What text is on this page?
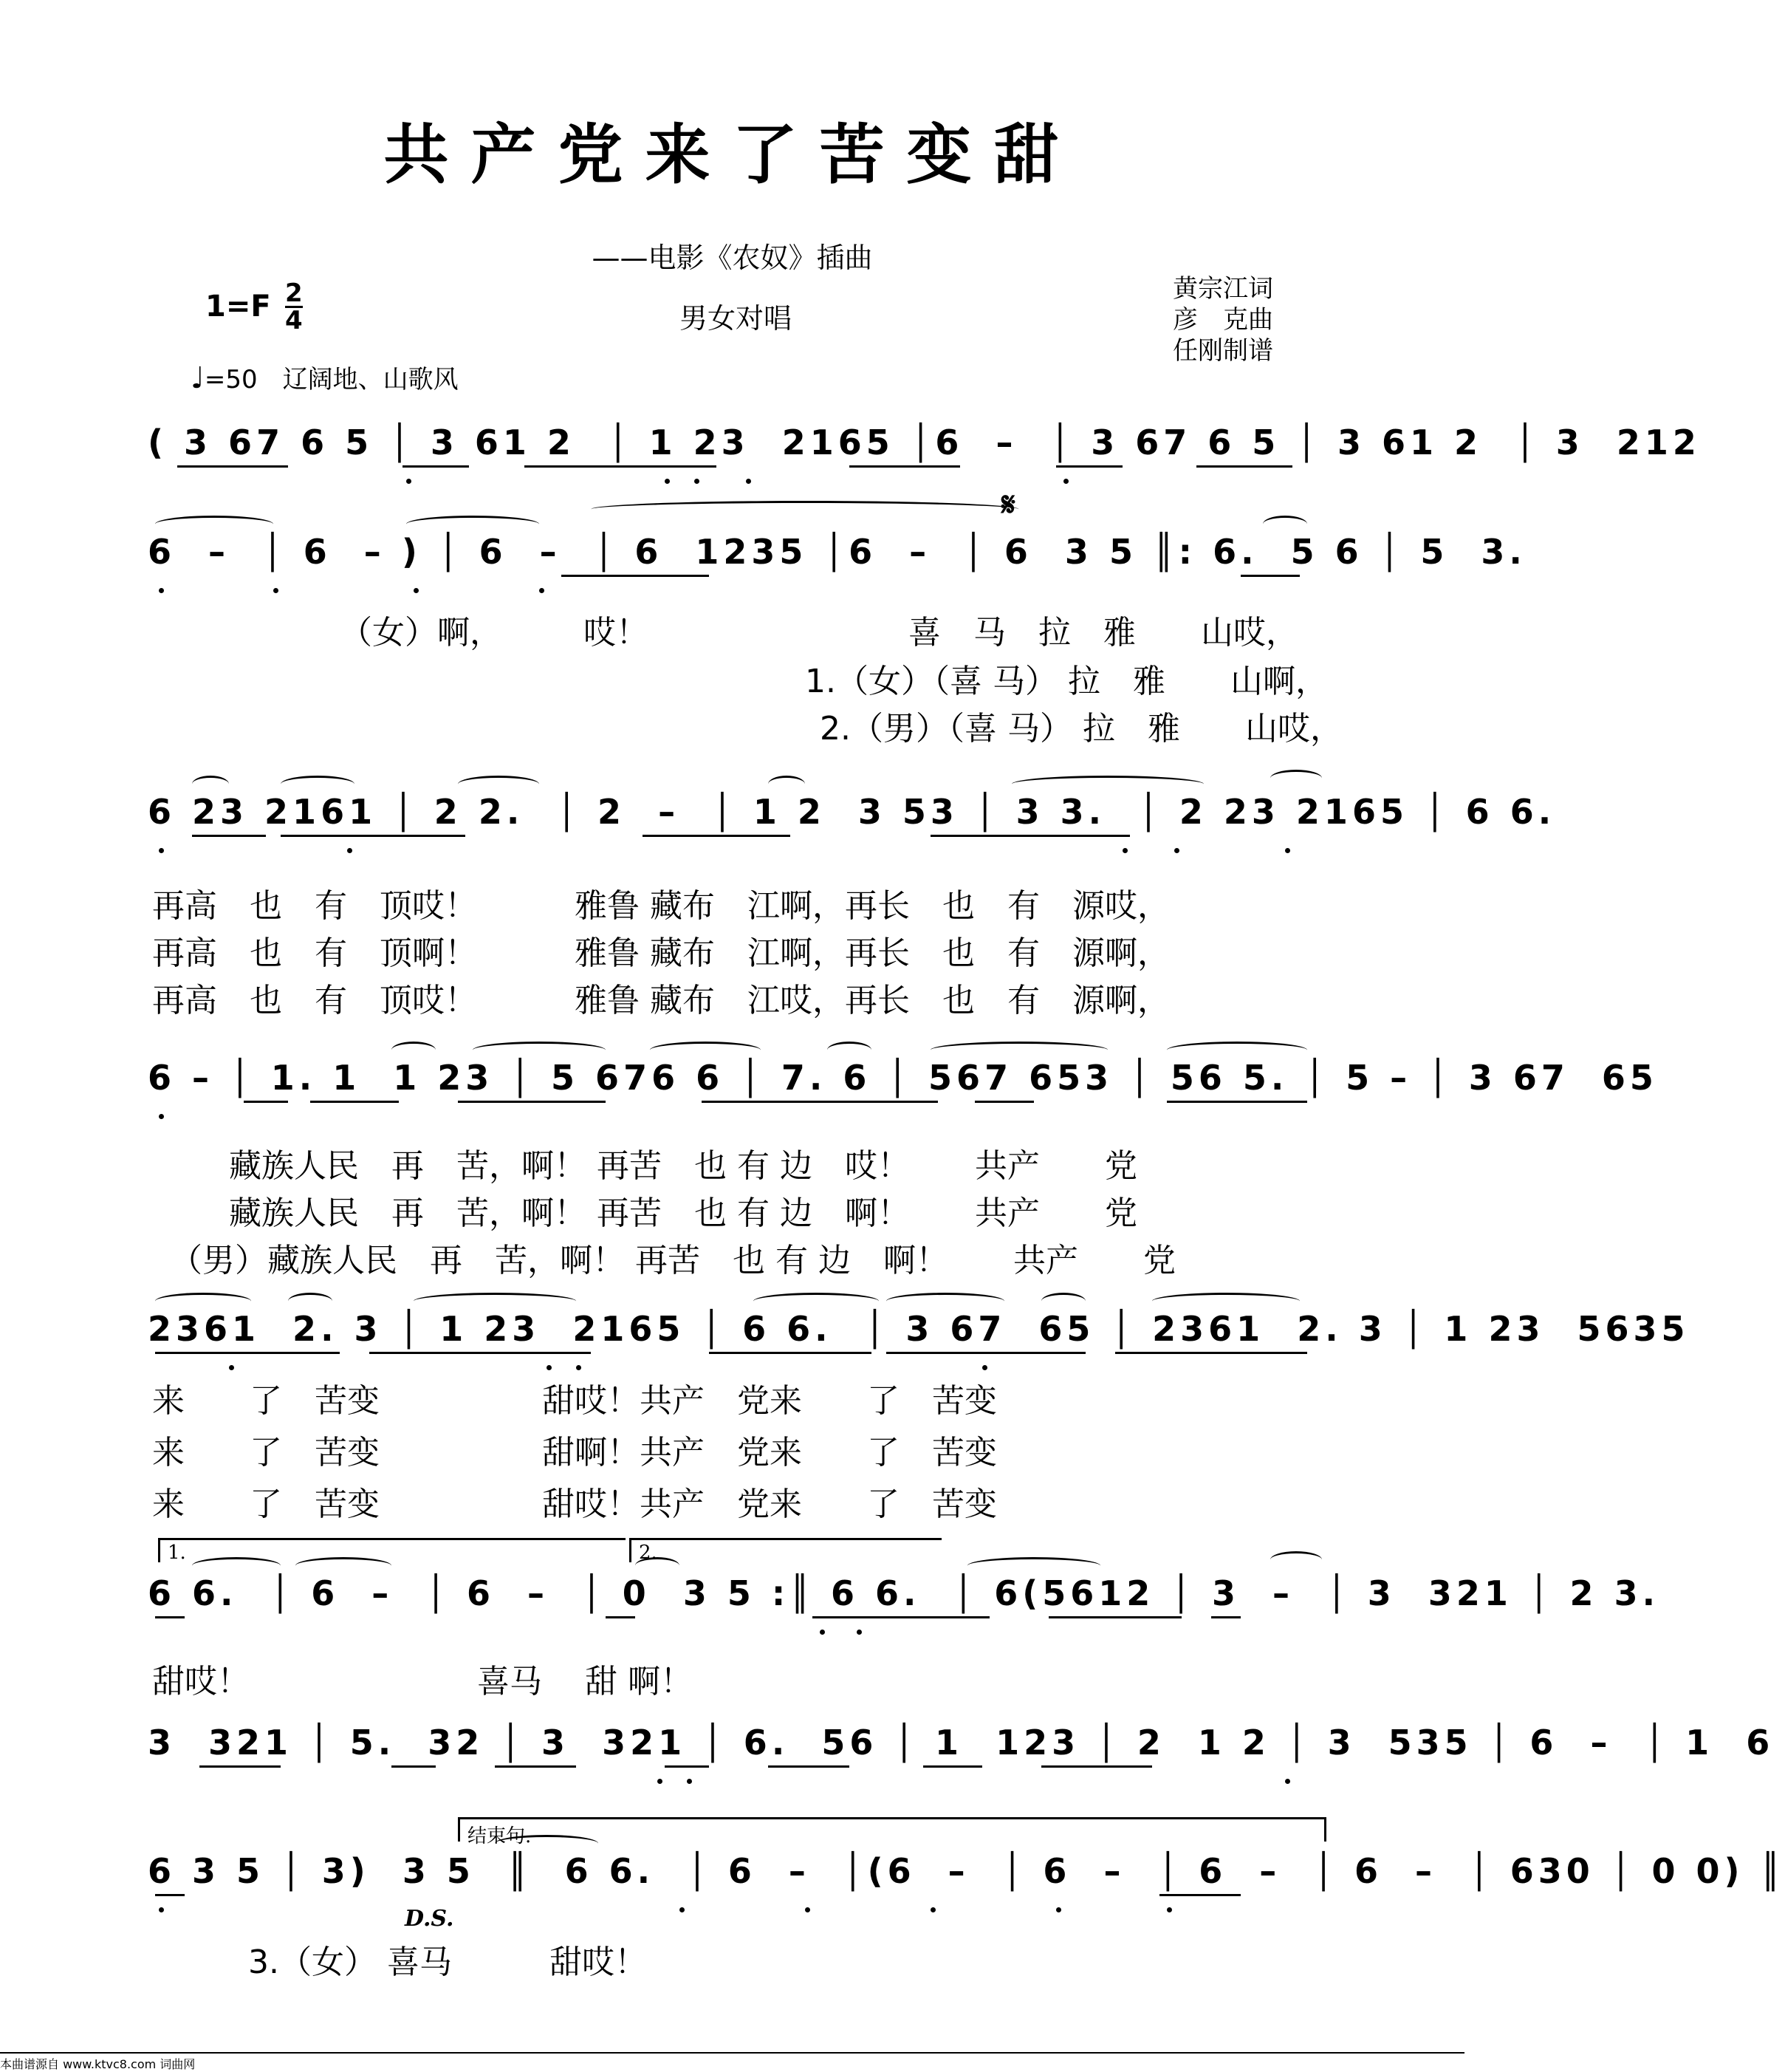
共产党来了苦变甜
——电影《农奴》插曲
1=F 2
4	男女对唱
黄宗江词
彦　克曲
任刚制谱
♩=50　 辽阔地、山歌风
𝄋
( 3 67 6 5 │ 3 61 2  │ 1 23  2165 │6  –  │ 3 67 6 5 │ 3 61 2  │ 3  212
6  –  │ 6  – ) │ 6  –  │ 6  1235 │6  –  │ 6  3 5 ║: 6.  5 6 │ 5  3.
（女）啊，　　　哎！　　　　　　　　喜　马　拉　雅　　山哎，
1.（女）（喜 马） 拉　雅　　山啊，
2.（男）（喜 马） 拉　雅　　山哎，
6 23 2161 │ 2 2.  │ 2  –  │ 1 2  3 53 │ 3 3.  │ 2 23 2165 │ 6 6.
再高　也　有　顶哎！　　　雅鲁 藏布　江啊，再长　也　有　源哎，
再高　也　有　顶啊！　　　雅鲁 藏布　江啊，再长　也　有　源啊，
再高　也　有　顶哎！　　　雅鲁 藏布　江哎，再长　也　有　源啊，
6 – │ 1. 1  1 23 │ 5 676 6 │ 7. 6 │ 567 653 │ 56 5. │ 5 – │ 3 67  65
藏族人民　再　苦，啊！ 再苦　也 有 边　哎！　　共产　　党
藏族人民　再　苦，啊！ 再苦　也 有 边　啊！　　共产　　党
（男）藏族人民　再　苦，啊！ 再苦　也 有 边　啊！　　共产　　党
2361  2. 3 │ 1 23  2165 │ 6 6.  │ 3 67  65 │ 2361  2. 3 │ 1 23  5635
来　　了　苦变　　　　　甜哎！共产　党来　　了　苦变
来　　了　苦变　　　　　甜啊！共产　党来　　了　苦变
来　　了　苦变　　　　　甜哎！共产　党来　　了　苦变
1.	2.
6 6.  │ 6  –  │ 6  –  │ 0  3 5 :║ 6 6.  │ 6(5612 │ 3  –  │ 3  321 │ 2 3.
甜哎！　　　　　　　喜马　 甜 啊！
3  321 │ 5.  32 │ 3  321 │ 6.  56 │ 1  123 │ 2  1 2 │ 3  535 │ 6  –  │ 1  6
结束句.
6 3 5 │ 3)  3 5  ║  6 6.  │ 6  –  │(6  –  │ 6  –  │ 6  –  │ 6  –  │ 630 │ 0 0) ║
D.S.
3.（女） 喜马　　　甜哎！
本曲谱源自 www.ktvc8.com 词曲网
